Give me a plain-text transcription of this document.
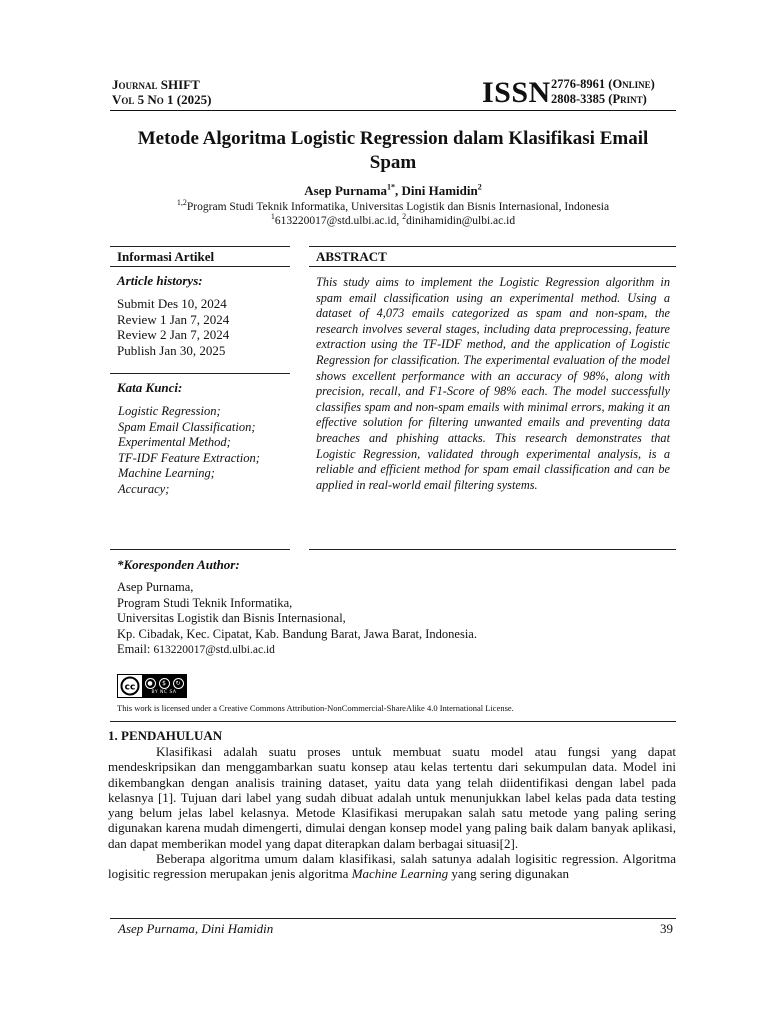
Journal SHIFT
Vol 5 No 1 (2025)	ISSN 2776-8961 (Online)
2808-3385 (Print)
Metode Algoritma Logistic Regression dalam Klasifikasi Email
Spam
Asep Purnama$^{1*}$, Dini Hamidin$^2$
$^{1,2}$Program Studi Teknik Informatika, Universitas Logistik dan Bisnis Internasional, Indonesia
$^1$613220017@std.ulbi.ac.id, $^2$dinihamidin@ulbi.ac.id
Informasi Artikel
Article historys:
Submit Des 10, 2024
Review 1 Jan 7, 2024
Review 2 Jan 7, 2024
Publish Jan 30, 2025
Kata Kunci:
Logistic Regression;
Spam Email Classification;
Experimental Method;
TF-IDF Feature Extraction;
Machine Learning;
Accuracy;
ABSTRACT
This study aims to implement the Logistic Regression algorithm in spam email classification using an experimental method. Using a dataset of 4,073 emails categorized as spam and non-spam, the research involves several stages, including data preprocessing, feature extraction using the TF-IDF method, and the application of Logistic Regression for classification. The experimental evaluation of the model shows excellent performance with an accuracy of 98%, along with precision, recall, and F1-Score of 98% each. The model successfully classifies spam and non-spam emails with minimal errors, making it an effective solution for filtering unwanted emails and preventing data breaches and phishing attacks. This research demonstrates that Logistic Regression, validated through experimental analysis, is a reliable and efficient method for spam email classification and can be applied in real-world email filtering systems.
*Koresponden Author:
Asep Purnama,
Program Studi Teknik Informatika,
Universitas Logistik dan Bisnis Internasional,
Kp. Cibadak, Kec. Cipatat, Kab. Bandung Barat, Jawa Barat, Indonesia.
Email: 613220017@std.ulbi.ac.id
cc	●	$	↻
BY NC SA
This work is licensed under a Creative Commons Attribution-NonCommercial-ShareAlike 4.0 International License.
1. PENDAHULUAN

Klasifikasi adalah suatu proses untuk membuat suatu model atau fungsi yang dapat mendeskripsikan dan menggambarkan suatu konsep atau kelas tertentu dari sekumpulan data. Model ini dikembangkan dengan analisis training dataset, yaitu data yang telah diidentifikasi dengan label pada kelasnya [1]. Tujuan dari label yang sudah dibuat adalah untuk menunjukkan label kelas pada data testing yang belum jelas label kelasnya. Metode Klasifikasi merupakan salah satu metode yang paling sering digunakan karena mudah dimengerti, dimulai dengan konsep model yang paling baik dalam banyak aplikasi, dan dapat memberikan model yang dapat diterapkan dalam berbagai situasi[2].

Beberapa algoritma umum dalam klasifikasi, salah satunya adalah logisitic regression. Algoritma logisitic regression merupakan jenis algoritma Machine Learning yang sering digunakan

Asep Purnama, Dini Hamidin	39
